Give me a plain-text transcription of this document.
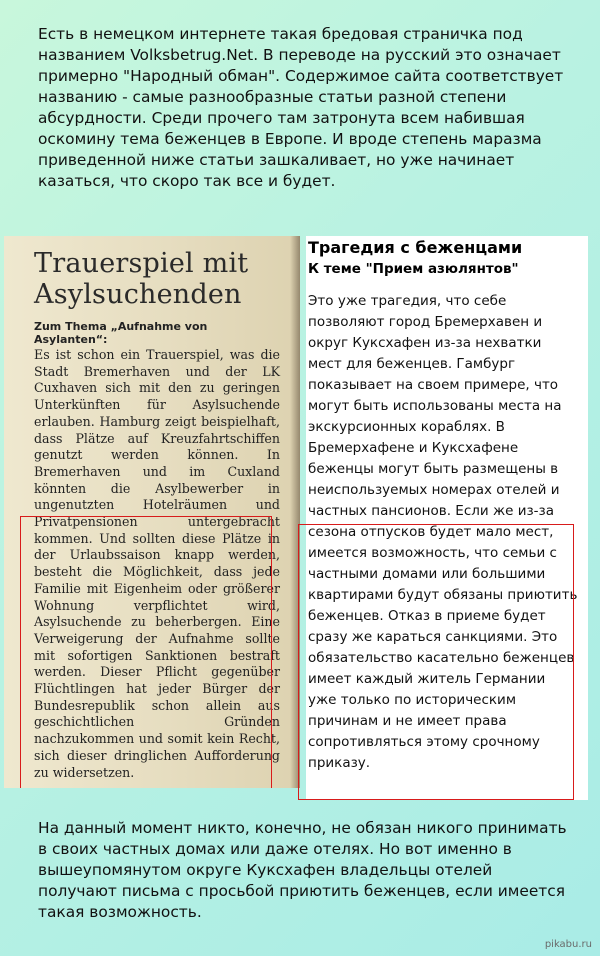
Есть в немецком интернете такая бредовая страничка под названием Volksbetrug.Net. В переводе на русский это означает примерно "Народный обман". Содержимое сайта соответствует названию - самые разнообразные статьи разной степени абсурдности. Среди прочего там затронута всем набившая оскомину тема беженцев в Европе. И вроде степень маразма приведенной ниже статьи зашкаливает, но уже начинает казаться, что скоро так все и будет.
Trauerspiel mit Asylsuchenden
Zum Thema „Aufnahme von Asylanten“:
Es ist schon ein Trauerspiel, was die Stadt Bremerhaven und der LK Cuxhaven sich mit den zu geringen Unterkünften für Asylsuchende erlauben. Hamburg zeigt beispielhaft, dass Plätze auf Kreuzfahrtschiffen genutzt werden können. In Bremerhaven und im Cuxland könnten die Asylbewerber in ungenutzten Hotelräumen und Privatpensionen untergebracht kommen. Und sollten diese Plätze in der Urlaubssaison knapp werden, besteht die Möglichkeit, dass jede Familie mit Eigenheim oder größerer Wohnung verpflichtet wird, Asylsuchende zu beherbergen. Eine Verweigerung der Aufnahme sollte mit sofortigen Sanktionen bestraft werden. Dieser Pflicht gegenüber Flüchtlingen hat jeder Bürger der Bundesrepublik schon allein aus geschichtlichen Gründen nachzukommen und somit kein Recht, sich dieser dringlichen Aufforderung zu widersetzen.
Трагедия с беженцами
К теме "Прием азюлянтов"
Это уже трагедия, что себе позволяют город Бремерхавен и округ Куксхафен из-за нехватки мест для беженцев. Гамбург показывает на своем примере, что могут быть использованы места на экскурсионных кораблях. В Бремерхафене и Куксхафене беженцы могут быть размещены в неиспользуемых номерах отелей и частных пансионов. Если же из-за сезона отпусков будет мало мест, имеется возможность, что семьи с частными домами или большими квартирами будут обязаны приютить беженцев. Отказ в приеме будет сразу же караться санкциями. Это обязательство касательно беженцев имеет каждый житель Германии уже только по историческим причинам и не имеет права сопротивляться этому срочному приказу.
На данный момент никто, конечно, не обязан никого принимать в своих частных домах или даже отелях. Но вот именно в вышеупомянутом округе Куксхафен владельцы отелей получают письма с просьбой приютить беженцев, если имеется такая возможность.
pikabu.ru
